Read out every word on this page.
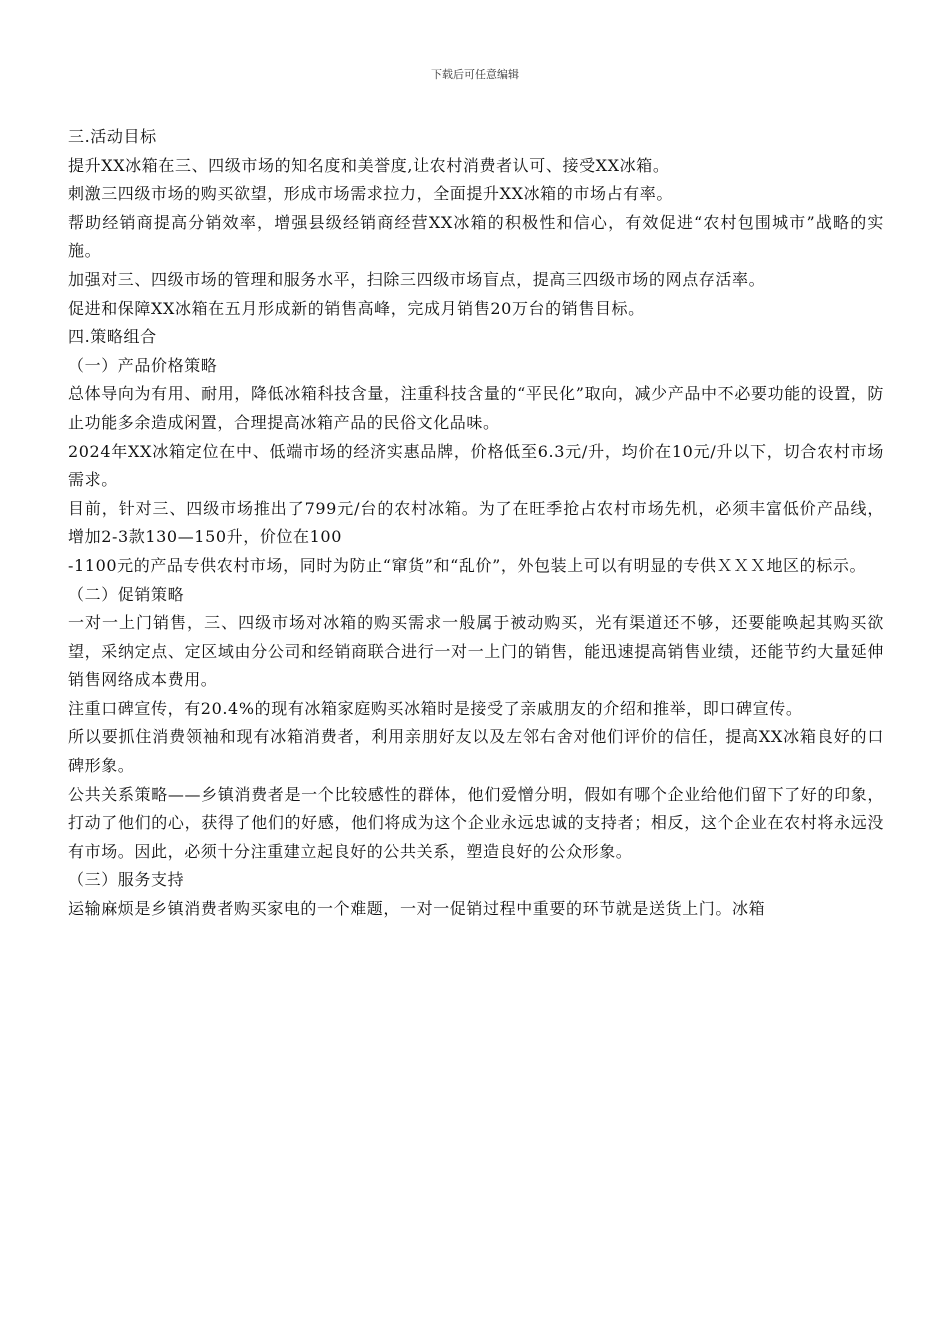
下载后可任意编辑

三.活动目标

提升XX冰箱在三、四级市场的知名度和美誉度,让农村消费者认可、接受XX冰箱。

刺激三四级市场的购买欲望，形成市场需求拉力，全面提升XX冰箱的市场占有率。

帮助经销商提高分销效率，增强县级经销商经营XX冰箱的积极性和信心，有效促进“农村包围城市”战略的实施。

加强对三、四级市场的管理和服务水平，扫除三四级市场盲点，提高三四级市场的网点存活率。

促进和保障XX冰箱在五月形成新的销售高峰，完成月销售20万台的销售目标。

四.策略组合

（一）产品价格策略

总体导向为有用、耐用，降低冰箱科技含量，注重科技含量的“平民化”取向，减少产品中不必要功能的设置，防止功能多余造成闲置，合理提高冰箱产品的民俗文化品味。

2024年XX冰箱定位在中、低端市场的经济实惠品牌，价格低至6.3元/升，均价在10元/升以下，切合农村市场需求。

目前，针对三、四级市场推出了799元/台的农村冰箱。为了在旺季抢占农村市场先机，必须丰富低价产品线，增加2-3款130—150升，价位在100

-1100元的产品专供农村市场，同时为防止“窜货”和“乱价”，外包装上可以有明显的专供ＸＸＸ地区的标示。

（二）促销策略

一对一上门销售，三、四级市场对冰箱的购买需求一般属于被动购买，光有渠道还不够，还要能唤起其购买欲望，采纳定点、定区域由分公司和经销商联合进行一对一上门的销售，能迅速提高销售业绩，还能节约大量延伸销售网络成本费用。

注重口碑宣传，有20.4%的现有冰箱家庭购买冰箱时是接受了亲戚朋友的介绍和推举，即口碑宣传。

所以要抓住消费领袖和现有冰箱消费者，利用亲朋好友以及左邻右舍对他们评价的信任，提高XX冰箱良好的口碑形象。

公共关系策略——乡镇消费者是一个比较感性的群体，他们爱憎分明，假如有哪个企业给他们留下了好的印象，打动了他们的心，获得了他们的好感，他们将成为这个企业永远忠诚的支持者；相反，这个企业在农村将永远没有市场。因此，必须十分注重建立起良好的公共关系，塑造良好的公众形象。

（三）服务支持

运输麻烦是乡镇消费者购买家电的一个难题，一对一促销过程中重要的环节就是送货上门。冰箱
